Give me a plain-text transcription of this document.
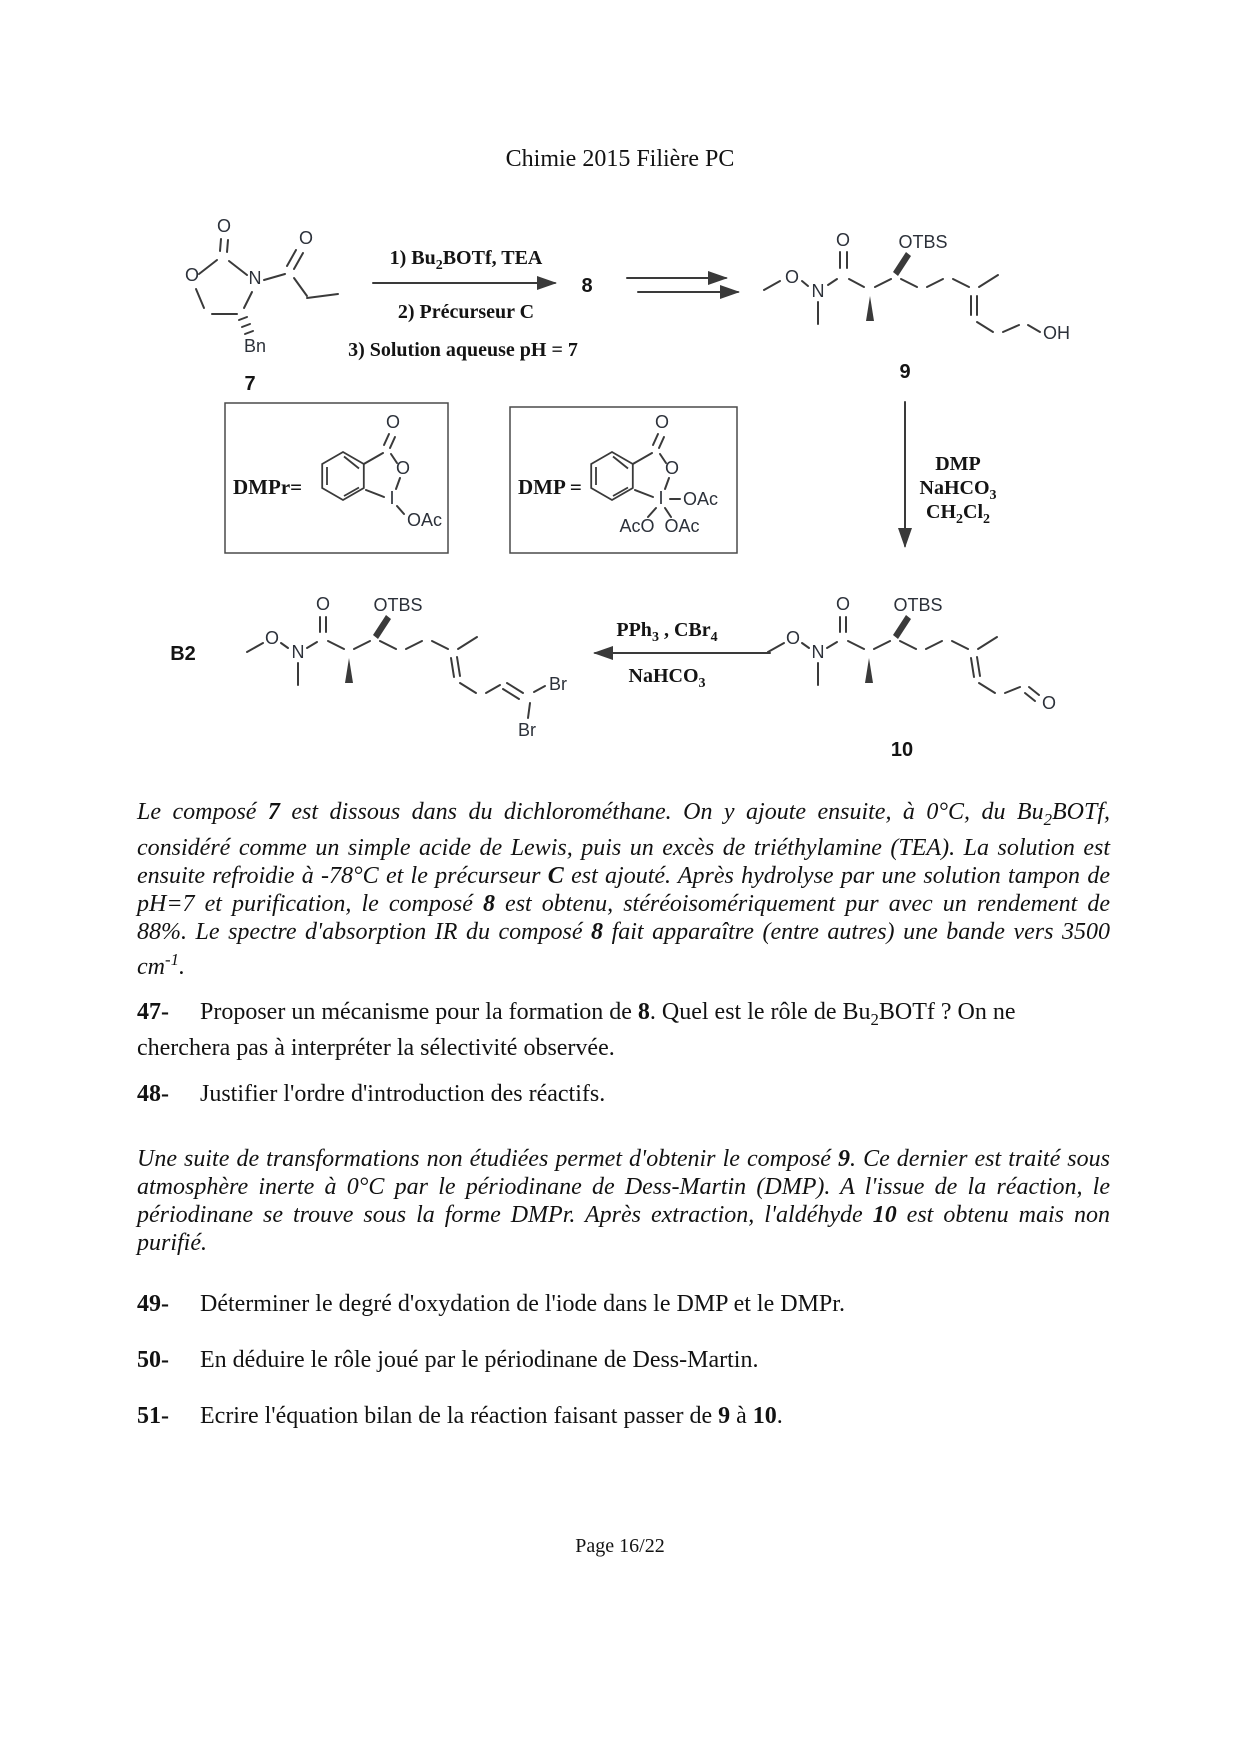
Chimie 2015 Filière PC
O
O
N
O
Bn
7
8	O
N
O	OTBS
OH
9
DMPr=
O
O
I
OAc
DMP =
O
O
I OAc
AcO OAc
O
N
O OTBS
Br
Br
B2
O
N
O OTBS
O
10
1) $Bu_2BOTf$, TEA
2) Précurseur C
3) Solution aqueuse pH = 7
DMP
NaHCO$_3$
$CH_2Cl_2$
PPh$_3$ , CBr$_4$
NaHCO$_3$
Le composé 7 est dissous dans du dichlorométhane. On y ajoute ensuite, à 0°C, du $Bu_2BOTf$, considéré comme un simple acide de Lewis, puis un excès de triéthylamine (TEA). La solution est ensuite refroidie à -78°C et le précurseur C est ajouté. Après hydrolyse par une solution tampon de pH=7 et purification, le composé 8 est obtenu, stéréoisomériquement pur avec un rendement de 88%. Le spectre d'absorption IR du composé 8 fait apparaître (entre autres) une bande vers 3500 $cm^{-1}$.
47- Proposer un mécanisme pour la formation de 8. Quel est le rôle de $Bu_2BOTf$ ? On ne cherchera pas à interpréter la sélectivité observée.
48- Justifier l'ordre d'introduction des réactifs.
Une suite de transformations non étudiées permet d'obtenir le composé 9. Ce dernier est traité sous atmosphère inerte à 0°C par le périodinane de Dess-Martin (DMP). A l'issue de la réaction, le périodinane se trouve sous la forme DMPr. Après extraction, l'aldéhyde 10 est obtenu mais non purifié.
49- Déterminer le degré d'oxydation de l'iode dans le DMP et le DMPr.
50- En déduire le rôle joué par le périodinane de Dess-Martin.
51- Ecrire l'équation bilan de la réaction faisant passer de 9 à 10.
Page 16/22
